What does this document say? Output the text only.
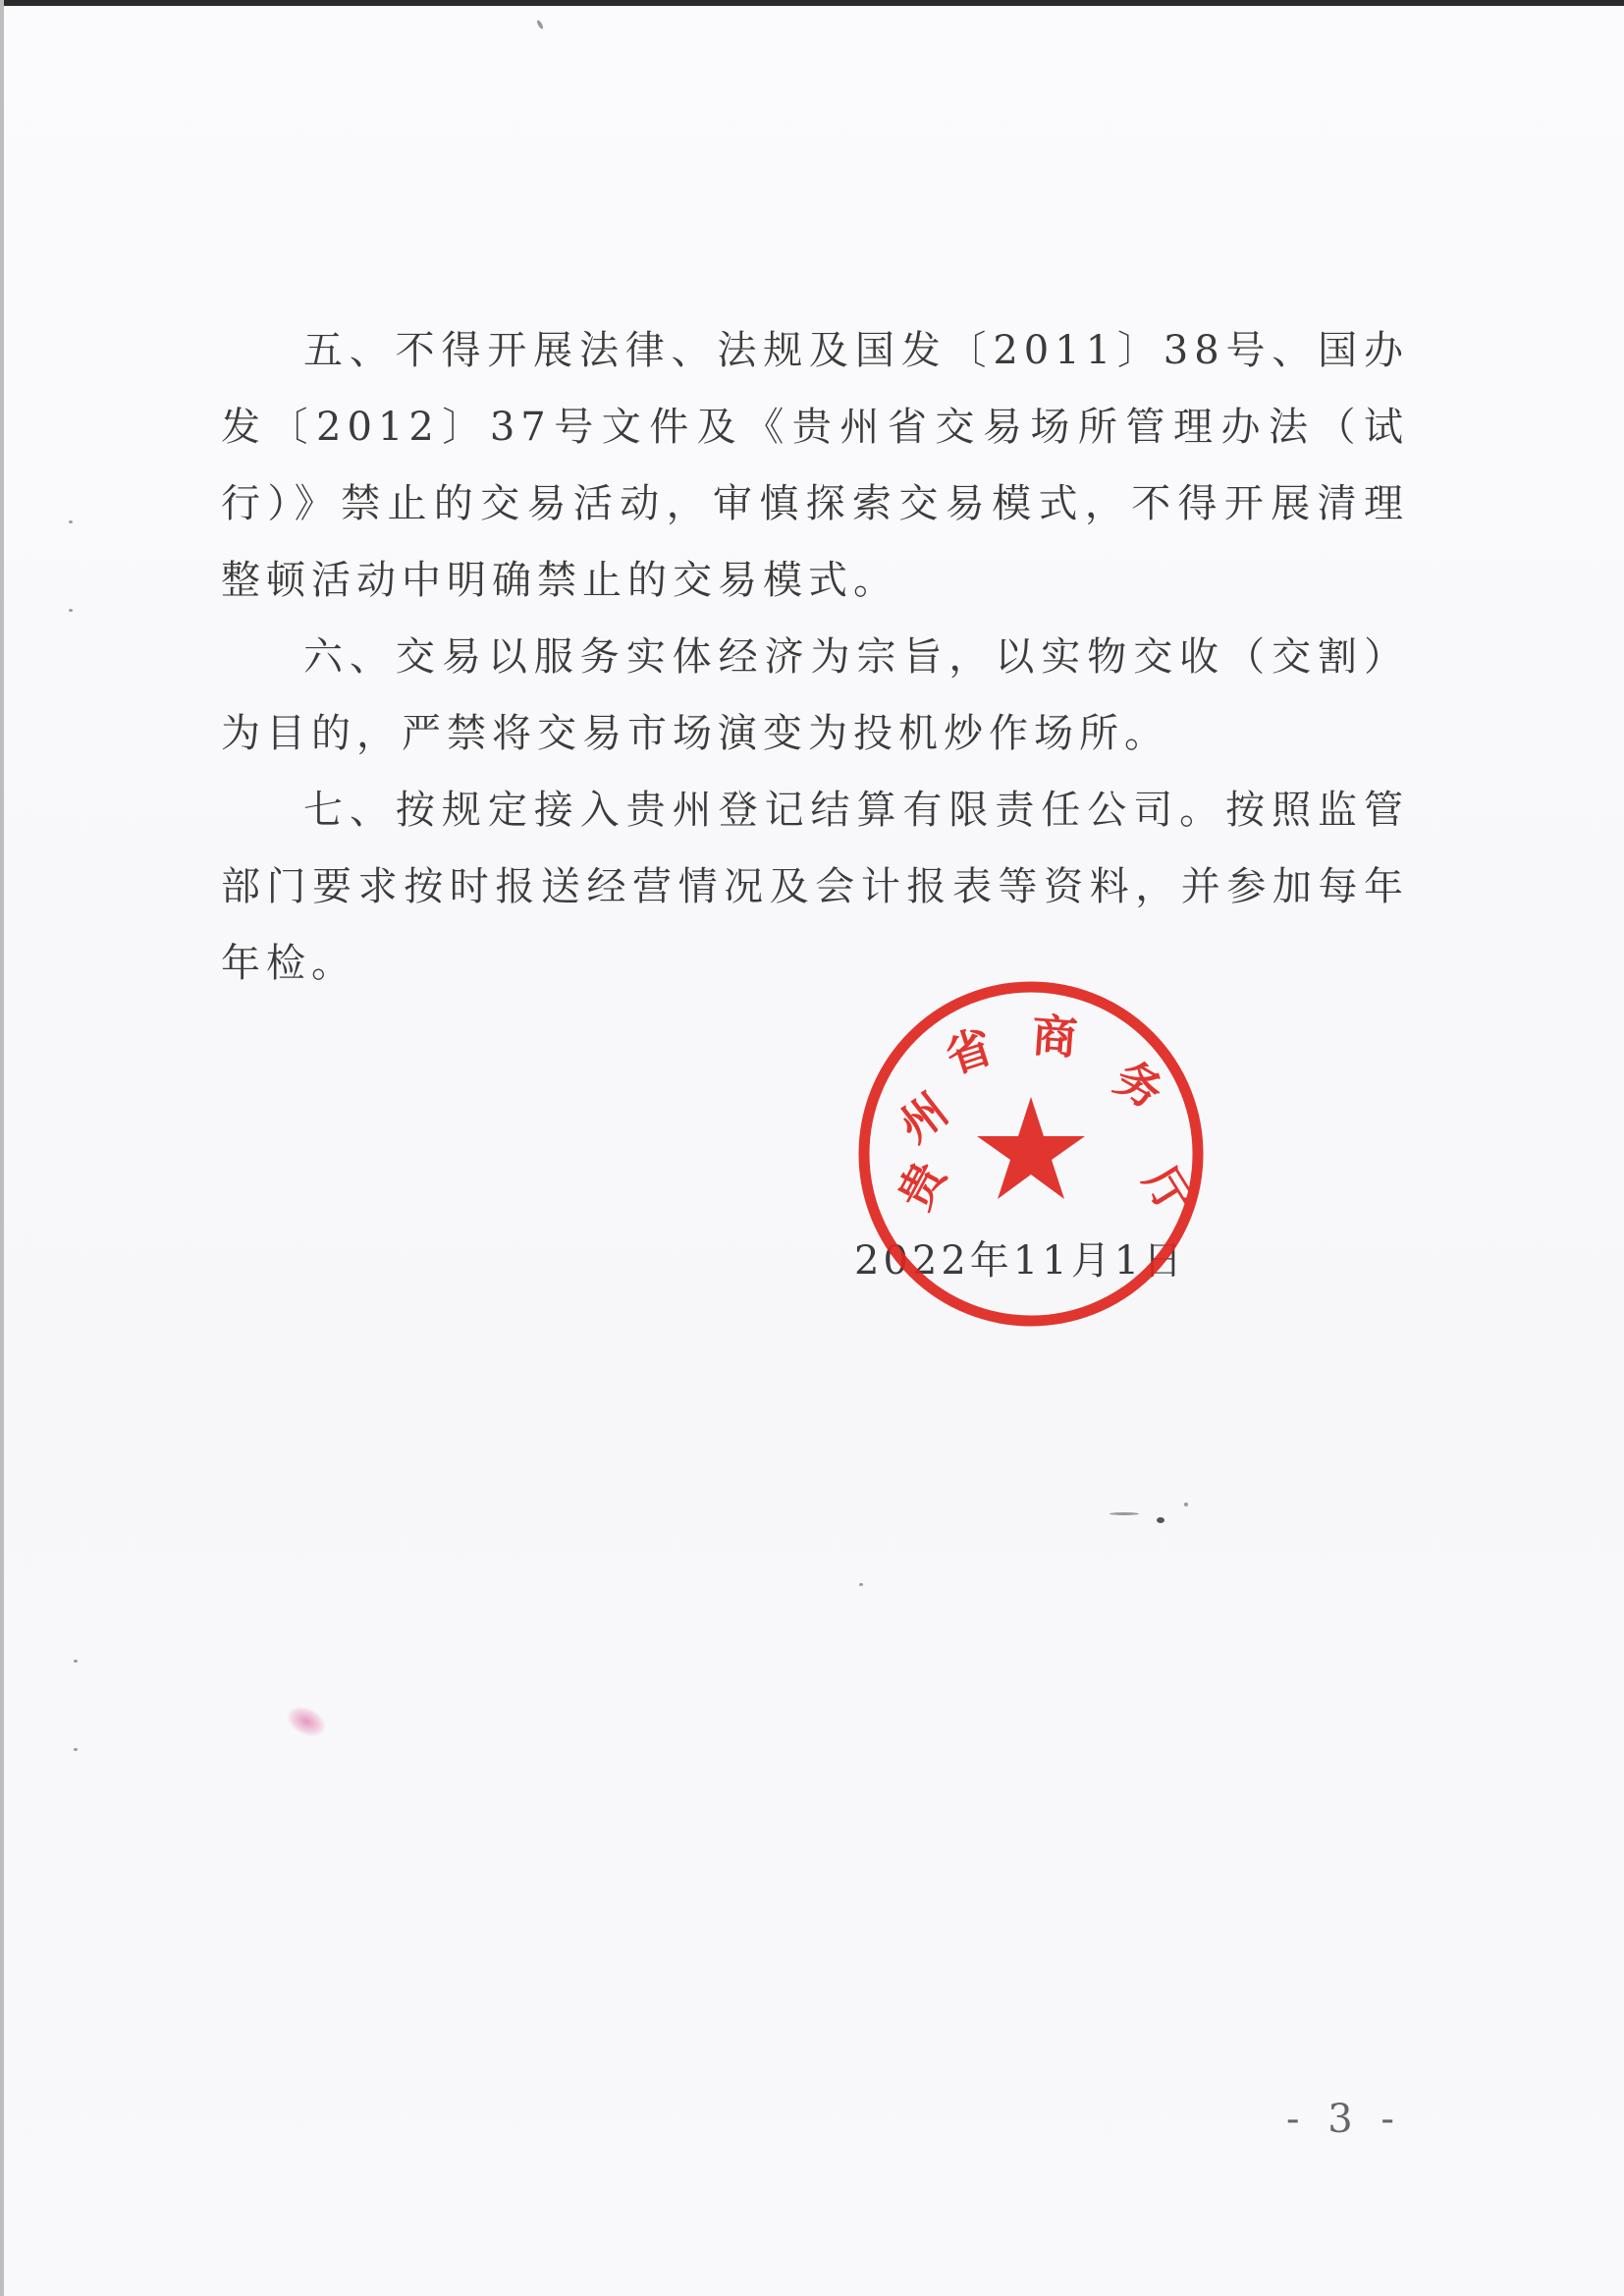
五、不得开展法律、法规及国发〔2011〕38号、国办发〔2012〕37号文件及《贵州省交易场所管理办法（试行）》禁止的交易活动，审慎探索交易模式，不得开展清理整顿活动中明确禁止的交易模式。

六、交易以服务实体经济为宗旨，以实物交收（交割）为目的，严禁将交易市场演变为投机炒作场所。

七、按规定接入贵州登记结算有限责任公司。按照监管部门要求按时报送经营情况及会计报表等资料，并参加每年年检。

2022年11月1日
贵
州
省 商
务
厅
- 3 -
